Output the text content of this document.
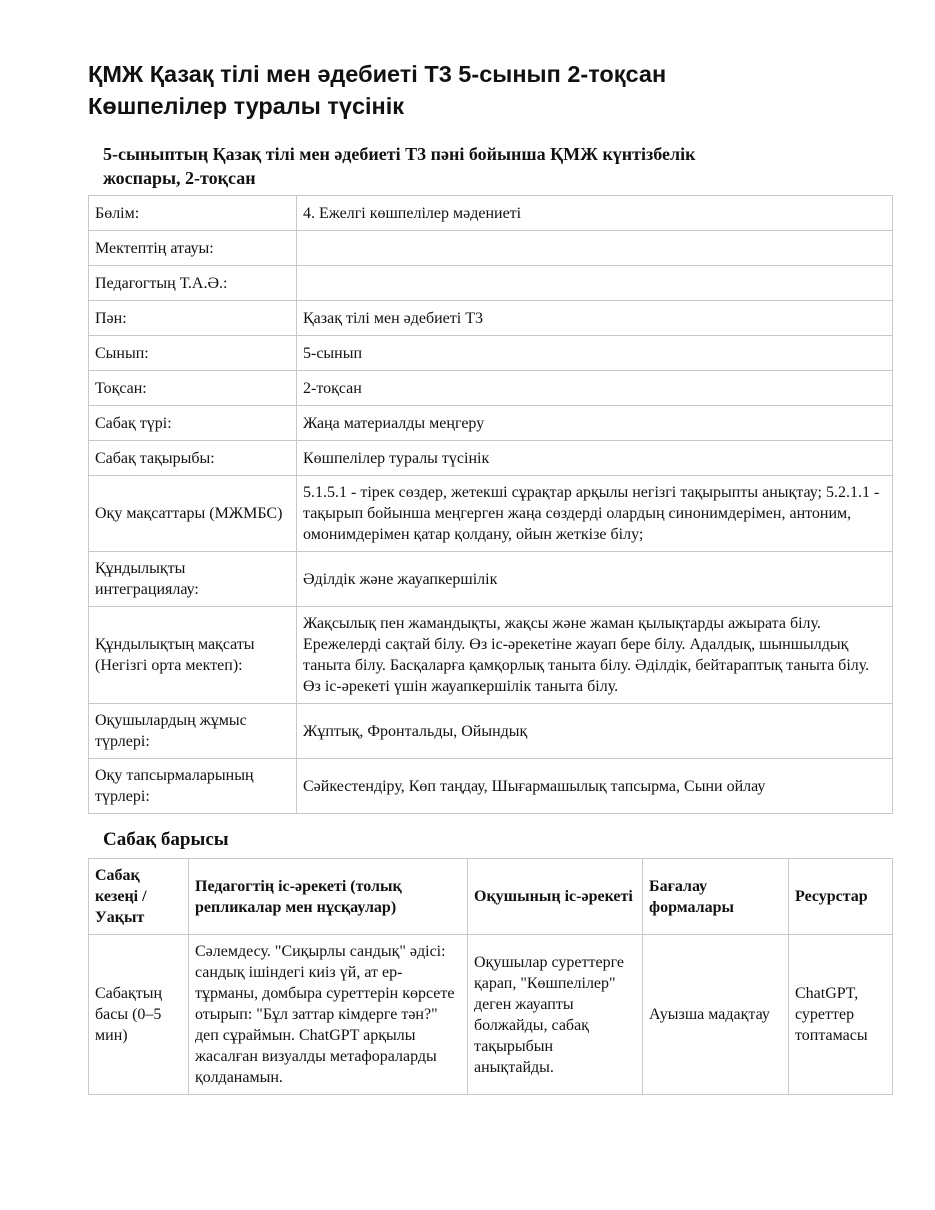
ҚМЖ Қазақ тілі мен әдебиеті Т3 5-сынып 2-тоқсан
Көшпелілер туралы түсінік
5-сыныптың Қазақ тілі мен әдебиеті Т3 пәні бойынша ҚМЖ күнтізбелік
жоспары, 2-тоқсан
Бөлім:	4. Ежелгі көшпелілер мәдениеті
Мектептің атауы:	
Педагогтың Т.А.Ә.:	
Пән:	Қазақ тілі мен әдебиеті Т3
Сынып:	5-сынып
Тоқсан:	2-тоқсан
Сабақ түрі:	Жаңа материалды меңгеру
Сабақ тақырыбы:	Көшпелілер туралы түсінік
Оқу мақсаттары (МЖМБС)	5.1.5.1 - тірек сөздер, жетекші сұрақтар арқылы негізгі тақырыпты анықтау; 5.2.1.1 - тақырып бойынша меңгерген жаңа сөздерді олардың синонимдерімен, антоним, омонимдерімен қатар қолдану, ойын жеткізе білу;
Құндылықты интеграциялау:	Әділдік және жауапкершілік
Құндылықтың мақсаты (Негізгі орта мектеп):	Жақсылық пен жамандықты, жақсы және жаман қылықтарды ажырата білу. Ережелерді сақтай білу. Өз іс-әрекетіне жауап бере білу. Адалдық, шыншылдық таныта білу. Басқаларға қамқорлық таныта білу. Әділдік, бейтараптық таныта білу. Өз іс-әрекеті үшін жауапкершілік таныта білу.
Оқушылардың жұмыс түрлері:	Жұптық, Фронтальды, Ойындық
Оқу тапсырмаларының түрлері:	Сәйкестендіру, Көп таңдау, Шығармашылық тапсырма, Сыни ойлау
Сабақ барысы
Сабақ кезеңі / Уақыт	Педагогтің іс-әрекеті (толық репликалар мен нұсқаулар)	Оқушының іс-әрекеті	Бағалау формалары	Ресурстар
Сабақтың басы (0–5 мин)	Сәлемдесу. "Сиқырлы сандық" әдісі: сандық ішіндегі киіз үй, ат ер-тұрманы, домбыра суреттерін көрсете отырып: "Бұл заттар кімдерге тән?" деп сұраймын. ChatGPT арқылы жасалған визуалды метафораларды қолданамын.	Оқушылар суреттерге қарап, "Көшпелілер" деген жауапты болжайды, сабақ тақырыбын анықтайды.	Ауызша мадақтау	ChatGPT, суреттер топтамасы
